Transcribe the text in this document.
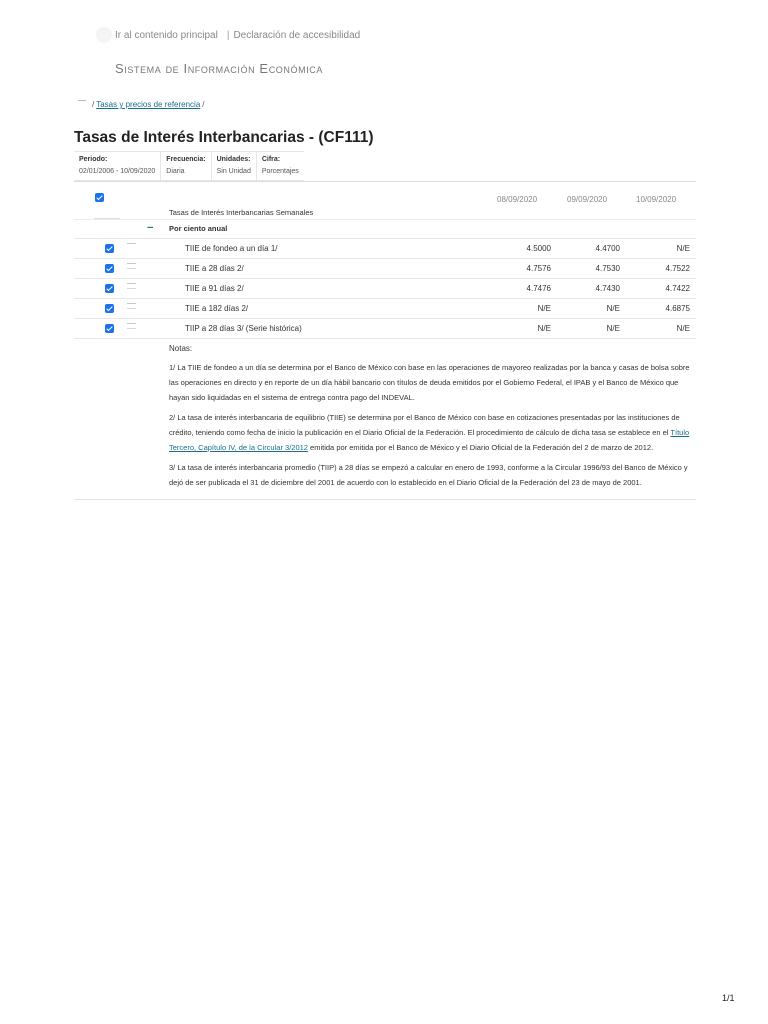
Ir al contenido principal | Declaración de accesibilidad
Sistema de Información Económica
/ Tasas y precios de referencia /
Tasas de Interés Interbancarias - (CF111)
Periodo:
02/01/2006 - 10/09/2020
Frecuencia:
Diaria
Unidades:
Sin Unidad
Cifra:
Porcentajes
08/09/2020	09/09/2020	10/09/2020
Tasas de Interés Interbancarias Semanales
− Por ciento anual
TIIE de fondeo a un día 1/	4.5000	4.4700	N/E
TIIE a 28 días 2/	4.7576	4.7530	4.7522
TIIE a 91 días 2/	4.7476	4.7430	4.7422
TIIE a 182 días 2/	N/E	N/E	4.6875
TIIP a 28 días 3/ (Serie histórica)	N/E	N/E	N/E
Notas:

1/ La TIIE de fondeo a un día se determina por el Banco de México con base en las operaciones de mayoreo realizadas por la banca y casas de bolsa sobre las operaciones en directo y en reporte de un día hábil bancario con títulos de deuda emitidos por el Gobierno Federal, el IPAB y el Banco de México que hayan sido liquidadas en el sistema de entrega contra pago del INDEVAL.

2/ La tasa de interés interbancaria de equilibrio (TIIE) se determina por el Banco de México con base en cotizaciones presentadas por las instituciones de crédito, teniendo como fecha de inicio la publicación en el Diario Oficial de la Federación. El procedimiento de cálculo de dicha tasa se establece en el Título Tercero, Capítulo IV, de la Circular 3/2012 emitida por emitida por el Banco de México y el Diario Oficial de la Federación del 2 de marzo de 2012.

3/ La tasa de interés interbancaria promedio (TIIP) a 28 días se empezó a calcular en enero de 1993, conforme a la Circular 1996/93 del Banco de México y dejó de ser publicada el 31 de diciembre del 2001 de acuerdo con lo establecido en el Diario Oficial de la Federación del 23 de mayo de 2001.

1/1
